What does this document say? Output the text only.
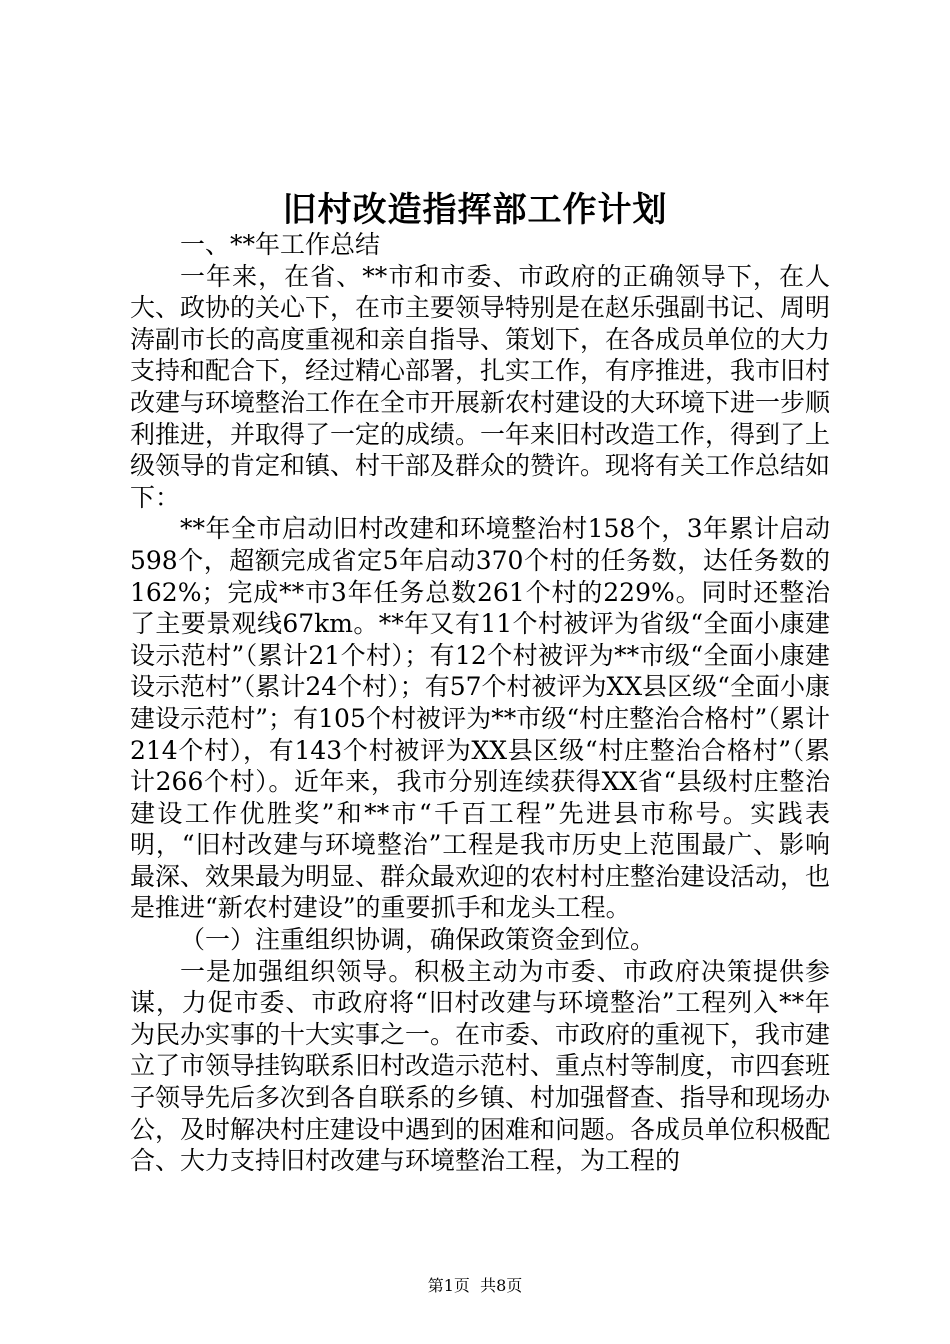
旧村改造指挥部工作计划

一、**年工作总结

一年来，在省、**市和市委、市政府的正确领导下，在人大、政协的关心下，在市主要领导特别是在赵乐强副书记、周明涛副市长的高度重视和亲自指导、策划下，在各成员单位的大力支持和配合下，经过精心部署，扎实工作，有序推进，我市旧村改建与环境整治工作在全市开展新农村建设的大环境下进一步顺利推进，并取得了一定的成绩。一年来旧村改造工作，得到了上级领导的肯定和镇、村干部及群众的赞许。现将有关工作总结如下：

**年全市启动旧村改建和环境整治村158个，3年累计启动598个，超额完成省定5年启动370个村的任务数，达任务数的162%；完成**市3年任务总数261个村的229%。同时还整治了主要景观线67km。**年又有11个村被评为省级“全面小康建设示范村”（累计21个村）；有12个村被评为**市级“全面小康建设示范村”（累计24个村）；有57个村被评为XX县区级“全面小康建设示范村”；有105个村被评为**市级“村庄整治合格村”（累计214个村），有143个村被评为XX县区级“村庄整治合格村”（累计266个村）。近年来，我市分别连续获得XX省“县级村庄整治建设工作优胜奖”和**市“千百工程”先进县市称号。实践表明，“旧村改建与环境整治”工程是我市历史上范围最广、影响最深、效果最为明显、群众最欢迎的农村村庄整治建设活动，也是推进“新农村建设”的重要抓手和龙头工程。

（一）注重组织协调，确保政策资金到位。

一是加强组织领导。积极主动为市委、市政府决策提供参谋，力促市委、市政府将“旧村改建与环境整治”工程列入**年为民办实事的十大实事之一。在市委、市政府的重视下，我市建立了市领导挂钩联系旧村改造示范村、重点村等制度，市四套班子领导先后多次到各自联系的乡镇、村加强督查、指导和现场办公，及时解决村庄建设中遇到的困难和问题。各成员单位积极配合、大力支持旧村改建与环境整治工程，为工程的

第1页 共8页
